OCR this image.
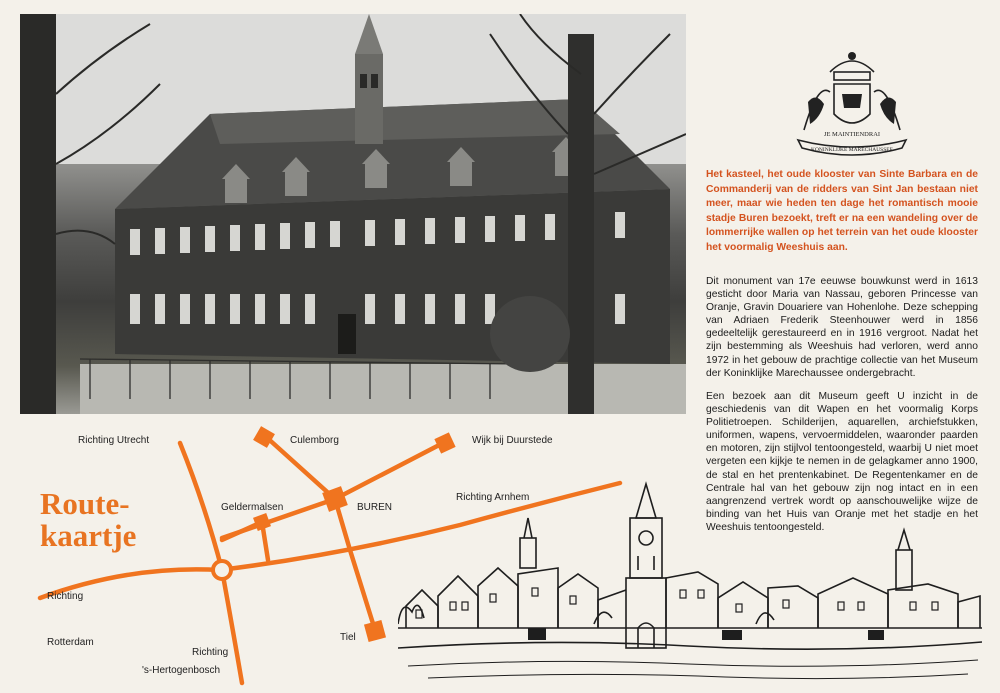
JE MAINTIENDRAI
KONINKLIJKE MARECHAUSSEE

Het kasteel, het oude klooster van Sinte Barbara en de Commanderij van de ridders van Sint Jan bestaan niet meer, maar wie heden ten dage het romantisch mooie stadje Buren bezoekt, treft er na een wandeling over de lommerrijke wallen op het terrein van het oude klooster het voormalig Weeshuis aan.

Dit monument van 17e eeuwse bouwkunst werd in 1613 gesticht door Maria van Nassau, geboren Princesse van Oranje, Gravin Douariere van Hohenlohe. Deze schepping van Adriaen Frederik Steenhouwer werd in 1856 gedeeltelijk gerestaureerd en in 1916 vergroot. Nadat het zijn bestemming als Weeshuis had verloren, werd anno 1972 in het gebouw de prachtige collectie van het Museum der Koninklijke Marechaussee ondergebracht.

Een bezoek aan dit Museum geeft U inzicht in de geschiedenis van dit Wapen en het voormalig Korps Politietroepen. Schilderijen, aquarellen, archiefstukken, uniformen, wapens, vervoermiddelen, waaronder paarden en motoren, zijn stijlvol tentoongesteld, waarbij U niet moet vergeten een kijkje te nemen in de gelagkamer anno 1900, de stal en het prentenkabinet. De Regentenkamer en de Centrale hal van het gebouw zijn nog intact en in een aangrenzend vertrek wordt op aanschouwelijke wijze de binding van het Huis van Oranje met het stadje en het Weeshuis tentoongesteld.

Route-
kaartje

Richting Utrecht	Culemborg	Wijk bij Duurstede

Geldermalsen	BUREN

Richting Arnhem

Richting

Rotterdam

Richting

's-Hertogenbosch

Tiel
